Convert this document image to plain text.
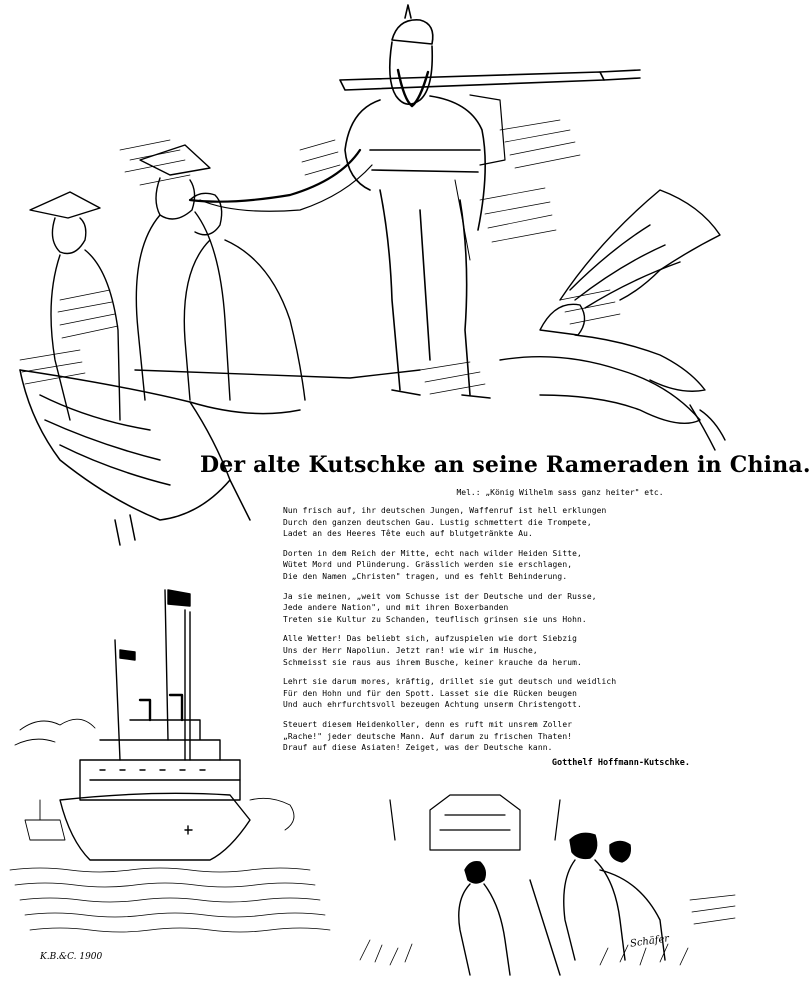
Der alte Kutschke an seine Rameraden in China.
Mel.: „König Wilhelm sass ganz heiter" etc.
Nun frisch auf, ihr deutschen Jungen, Waffenruf ist hell erklungen
Durch den ganzen deutschen Gau. Lustig schmettert die Trompete,
Ladet an des Heeres Tête euch auf blutgetränkte Au.
Dorten in dem Reich der Mitte, echt nach wilder Heiden Sitte,
Wütet Mord und Plünderung. Grässlich werden sie erschlagen,
Die den Namen „Christen" tragen, und es fehlt Behinderung.
Ja sie meinen, „weit vom Schusse ist der Deutsche und der Russe,
Jede andere Nation", und mit ihren Boxerbanden
Treten sie Kultur zu Schanden, teuflisch grinsen sie uns Hohn.
Alle Wetter! Das beliebt sich, aufzuspielen wie dort Siebzig
Uns der Herr Napoliun. Jetzt ran! wie wir im Husche,
Schmeisst sie raus aus ihrem Busche, keiner krauche da herum.
Lehrt sie darum mores, kräftig, drillet sie gut deutsch und weidlich
Für den Hohn und für den Spott. Lasset sie die Rücken beugen
Und auch ehrfurchtsvoll bezeugen Achtung unserm Christengott.
Steuert diesem Heidenkoller, denn es ruft mit unsrem Zoller
„Rache!" jeder deutsche Mann. Auf darum zu frischen Thaten!
Drauf auf diese Asiaten! Zeiget, was der Deutsche kann.
Gotthelf Hoffmann-Kutschke.
K.B.&C. 1900
Schäfer
